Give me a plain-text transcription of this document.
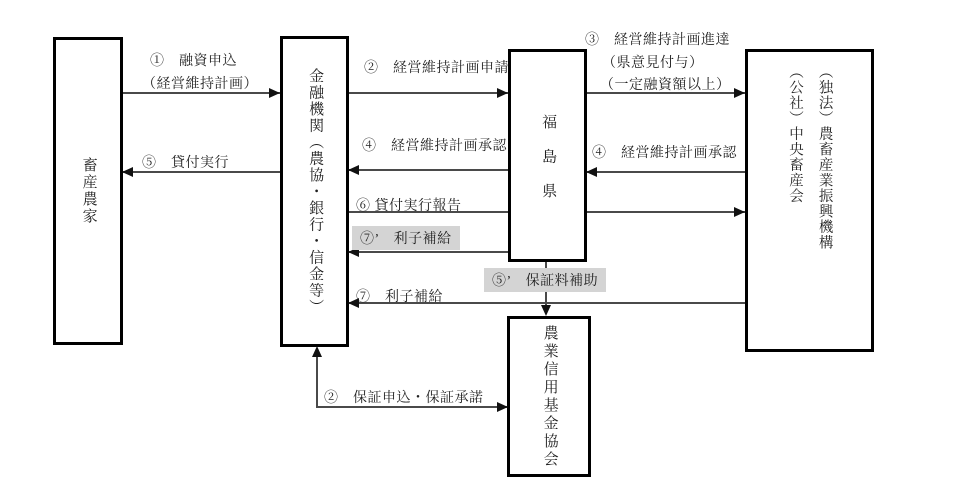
畜産農家	金融機関（農協・銀行・信金等）	福島県	（独法）農畜産業振興機構
（公社）中央畜産会
農業信用基金協会
①　融資申込
（経営維持計画）
⑤　貸付実行
②　経営維持計画申請
④　経営維持計画承認
③　経営維持計画進達
（県意見付与）
（一定融資額以上）
④　経営維持計画承認
⑥ 貸付実行報告
⑦’　利子補給
⑤’　保証料補助
⑦　利子補給
②　保証申込・保証承諾
